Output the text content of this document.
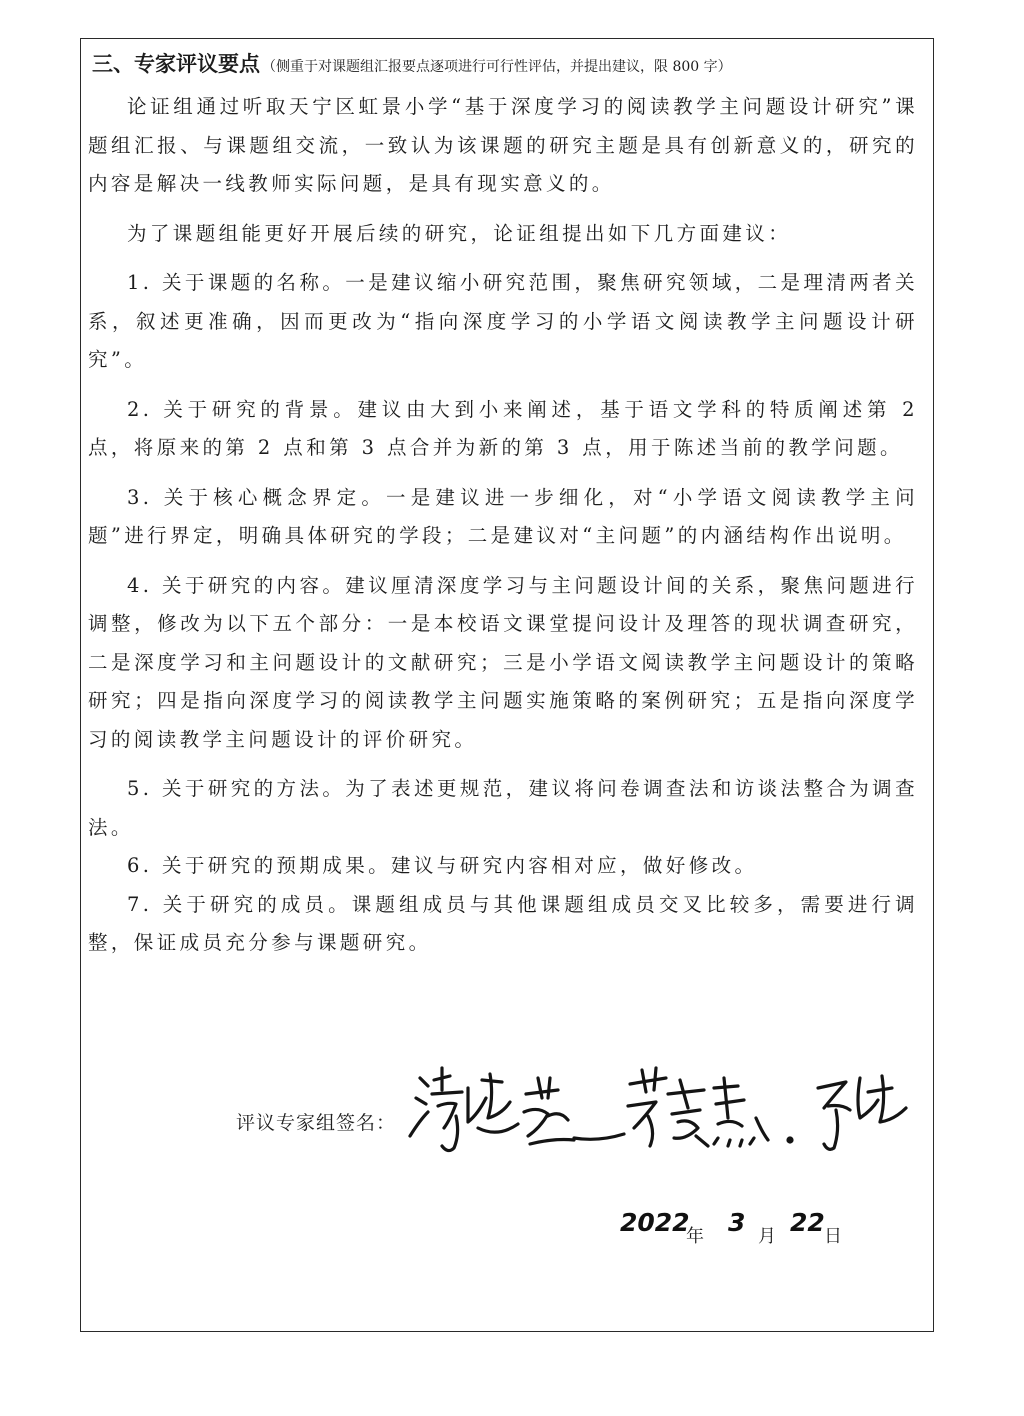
三、专家评议要点 （侧重于对课题组汇报要点逐项进行可行性评估，并提出建议，限 800 字）

论证组通过听取天宁区虹景小学“基于深度学习的阅读教学主问题设计研究”课题组汇报、与课题组交流，一致认为该课题的研究主题是具有创新意义的，研究的内容是解决一线教师实际问题，是具有现实意义的。

为了课题组能更好开展后续的研究，论证组提出如下几方面建议：

1. 关于课题的名称。一是建议缩小研究范围，聚焦研究领域，二是理清两者关系，叙述更准确，因而更改为“指向深度学习的小学语文阅读教学主问题设计研究”。

2. 关于研究的背景。建议由大到小来阐述，基于语文学科的特质阐述第 2 点，将原来的第 2 点和第 3 点合并为新的第 3 点，用于陈述当前的教学问题。

3. 关于核心概念界定。一是建议进一步细化，对“小学语文阅读教学主问题”进行界定，明确具体研究的学段；二是建议对“主问题”的内涵结构作出说明。

4. 关于研究的内容。建议厘清深度学习与主问题设计间的关系，聚焦问题进行调整，修改为以下五个部分：一是本校语文课堂提问设计及理答的现状调查研究，二是深度学习和主问题设计的文献研究；三是小学语文阅读教学主问题设计的策略研究；四是指向深度学习的阅读教学主问题实施策略的案例研究；五是指向深度学习的阅读教学主问题设计的评价研究。

5. 关于研究的方法。为了表述更规范，建议将问卷调查法和访谈法整合为调查法。

6. 关于研究的预期成果。建议与研究内容相对应，做好修改。

7. 关于研究的成员。课题组成员与其他课题组成员交叉比较多，需要进行调整，保证成员充分参与课题研究。

评议专家组签名：
2022
年 3 月 22 日
